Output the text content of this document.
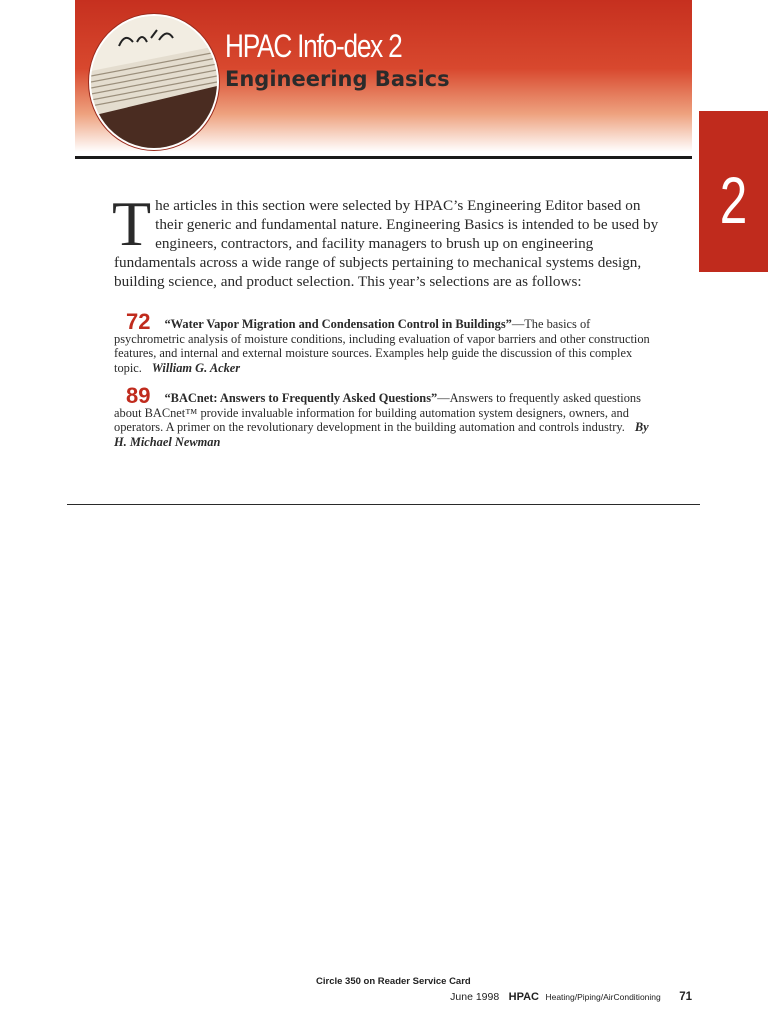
HPAC Info-dex 2
Engineering Basics
2
T he articles in this section were selected by HPAC’s Engineering Editor based on their generic and fundamental nature. Engineering Basics is intended to be used by engineers, contractors, and facility managers to brush up on engineering fundamentals across a wide range of subjects pertaining to mechanical systems design, building science, and product selection. This year’s selections are as follows:
72 “Water Vapor Migration and Condensation Control in Buildings”—The basics of psychrometric analysis of moisture conditions, including evaluation of vapor barriers and other construction features, and internal and external moisture sources. Examples help guide the discussion of this complex topic. William G. Acker
89 “BACnet: Answers to Frequently Asked Questions”—Answers to frequently asked questions about BACnet™ provide invaluable information for building automation system designers, owners, and operators. A primer on the revolutionary development in the building automation and controls industry. By H. Michael Newman
Circle 350 on Reader Service Card
June 1998 HPAC Heating/Piping/AirConditioning 71
